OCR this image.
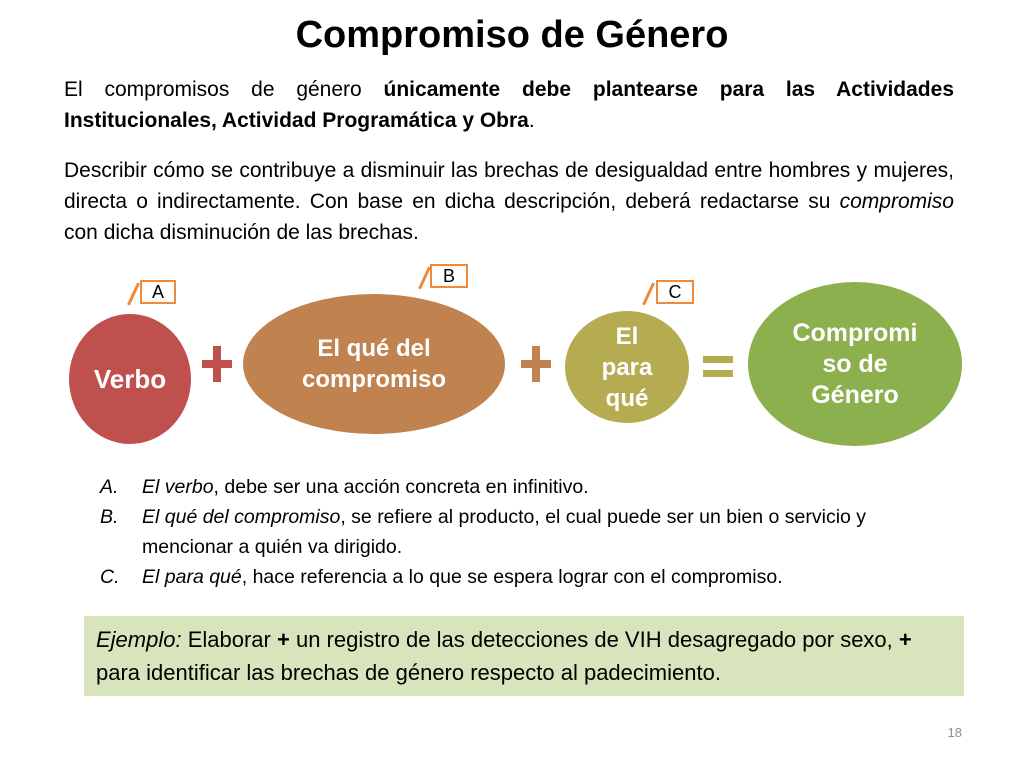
Compromiso de Género

El compromisos de género únicamente debe plantearse para las Actividades Institucionales, Actividad Programática y Obra.

Describir cómo se contribuye a disminuir las brechas de desigualdad entre hombres y mujeres, directa o indirectamente. Con base en dicha descripción, deberá redactarse su compromiso con dicha disminución de las brechas.

A
B
C
Verbo
El qué del
compromiso
El
para
qué
Compromi
so de
Género
A. El verbo, debe ser una acción concreta en infinitivo.
B. El qué del compromiso, se refiere al producto, el cual puede ser un bien o servicio y mencionar a quién va dirigido.
C. El para qué, hace referencia a lo que se espera lograr con el compromiso.
Ejemplo: Elaborar + un registro de las detecciones de VIH desagregado por sexo, + para identificar las brechas de género respecto al padecimiento.
18
